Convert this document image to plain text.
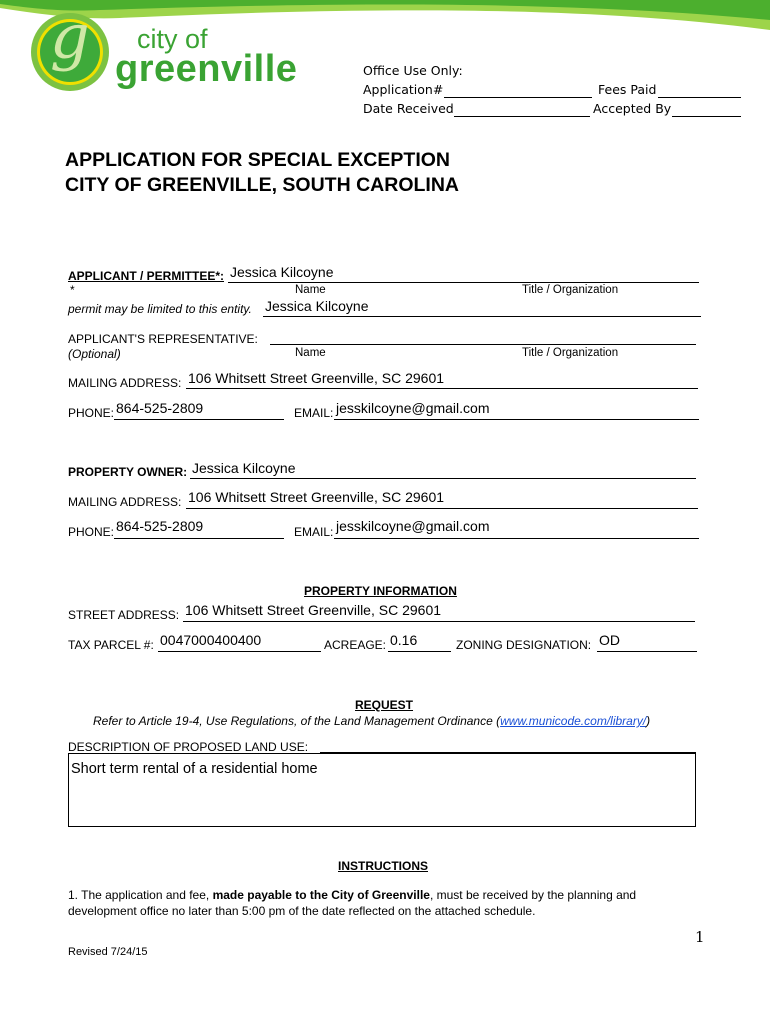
g city of
greenville	Office Use Only:
Application#	Fees Paid
Date Received	Accepted By
APPLICATION FOR SPECIAL EXCEPTION
CITY OF GREENVILLE, SOUTH CAROLINA
APPLICANT / PERMITTEE*: Jessica Kilcoyne
*	Name	Title / Organization
permit may be limited to this entity. Jessica Kilcoyne
APPLICANT'S REPRESENTATIVE:
(Optional)	Name	Title / Organization
MAILING ADDRESS: 106 Whitsett Street Greenville, SC 29601
PHONE: 864-525-2809	EMAIL: jesskilcoyne@gmail.com
PROPERTY OWNER: Jessica Kilcoyne
MAILING ADDRESS: 106 Whitsett Street Greenville, SC 29601
PHONE: 864-525-2809	EMAIL: jesskilcoyne@gmail.com
PROPERTY INFORMATION
STREET ADDRESS: 106 Whitsett Street Greenville, SC 29601
TAX PARCEL #: 0047000400400	ACREAGE: 0.16	ZONING DESIGNATION: OD
REQUEST
Refer to Article 19-4, Use Regulations, of the Land Management Ordinance (www.municode.com/library/)
DESCRIPTION OF PROPOSED LAND USE:
Short term rental of a residential home
INSTRUCTIONS
1. The application and fee, made payable to the City of Greenville, must be received by the planning and
development office no later than 5:00 pm of the date reflected on the attached schedule.
1
Revised 7/24/15
